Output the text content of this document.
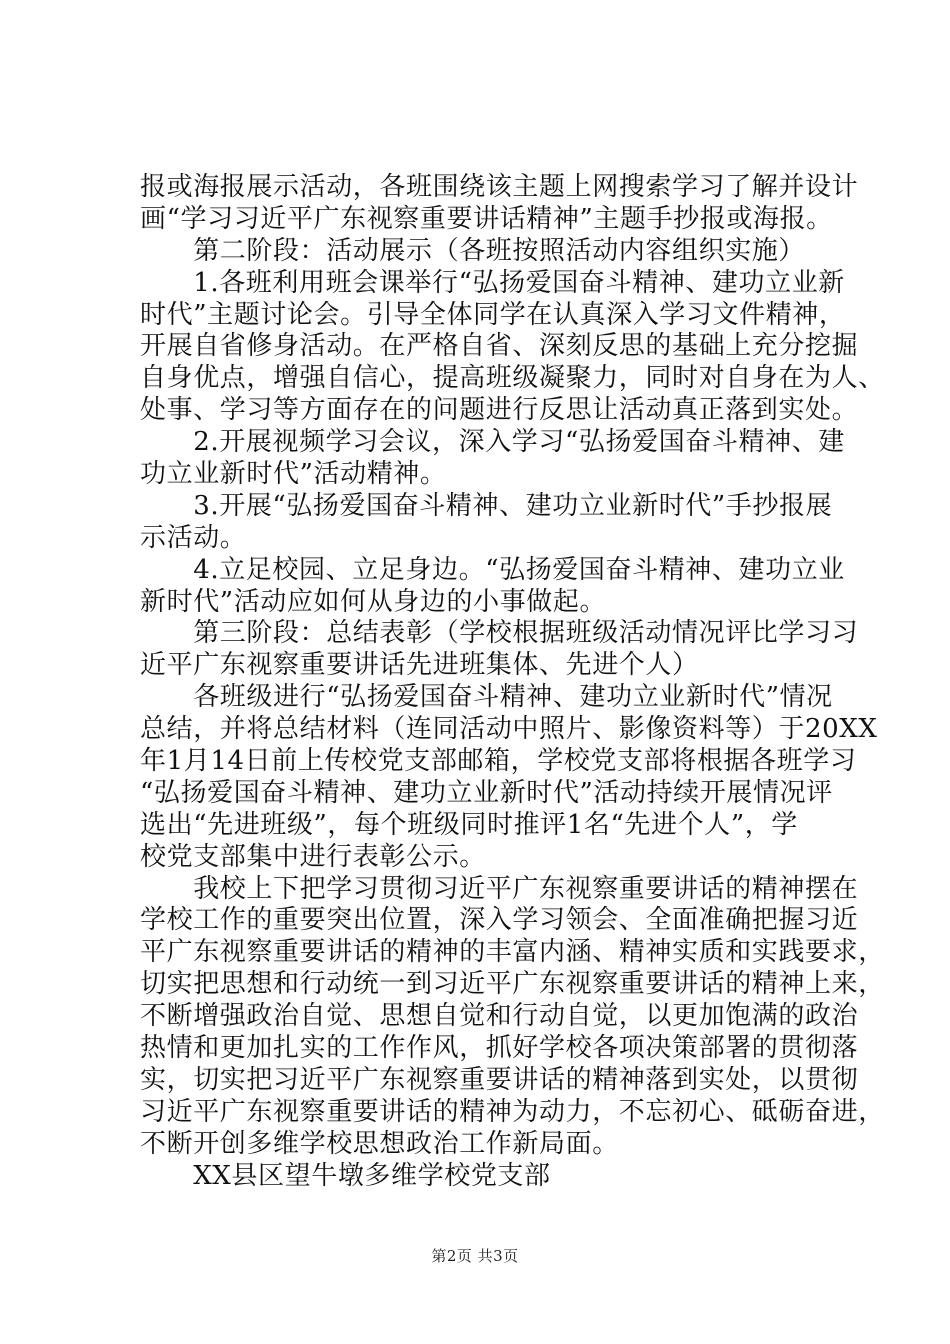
报或海报展示活动，各班围绕该主题上网搜索学习了解并设计
画“学习习近平广东视察重要讲话精神”主题手抄报或海报。
　　第二阶段：活动展示（各班按照活动内容组织实施）
　　1.各班利用班会课举行“弘扬爱国奋斗精神、建功立业新
时代”主题讨论会。引导全体同学在认真深入学习文件精神，
开展自省修身活动。在严格自省、深刻反思的基础上充分挖掘
自身优点，增强自信心，提高班级凝聚力，同时对自身在为人、
处事、学习等方面存在的问题进行反思让活动真正落到实处。
　　2.开展视频学习会议，深入学习“弘扬爱国奋斗精神、建
功立业新时代”活动精神。
　　3.开展“弘扬爱国奋斗精神、建功立业新时代”手抄报展
示活动。
　　4.立足校园、立足身边。“弘扬爱国奋斗精神、建功立业
新时代”活动应如何从身边的小事做起。
　　第三阶段：总结表彰（学校根据班级活动情况评比学习习
近平广东视察重要讲话先进班集体、先进个人）
　　各班级进行“弘扬爱国奋斗精神、建功立业新时代”情况
总结，并将总结材料（连同活动中照片、影像资料等）于20XX
年1月14日前上传校党支部邮箱，学校党支部将根据各班学习
“弘扬爱国奋斗精神、建功立业新时代”活动持续开展情况评
选出“先进班级”，每个班级同时推评1名“先进个人”，学
校党支部集中进行表彰公示。
　　我校上下把学习贯彻习近平广东视察重要讲话的精神摆在
学校工作的重要突出位置，深入学习领会、全面准确把握习近
平广东视察重要讲话的精神的丰富内涵、精神实质和实践要求，
切实把思想和行动统一到习近平广东视察重要讲话的精神上来，
不断增强政治自觉、思想自觉和行动自觉，以更加饱满的政治
热情和更加扎实的工作作风，抓好学校各项决策部署的贯彻落
实，切实把习近平广东视察重要讲话的精神落到实处，以贯彻
习近平广东视察重要讲话的精神为动力，不忘初心、砥砺奋进，
不断开创多维学校思想政治工作新局面。
　　XX县区望牛墩多维学校党支部
第2页 共3页
